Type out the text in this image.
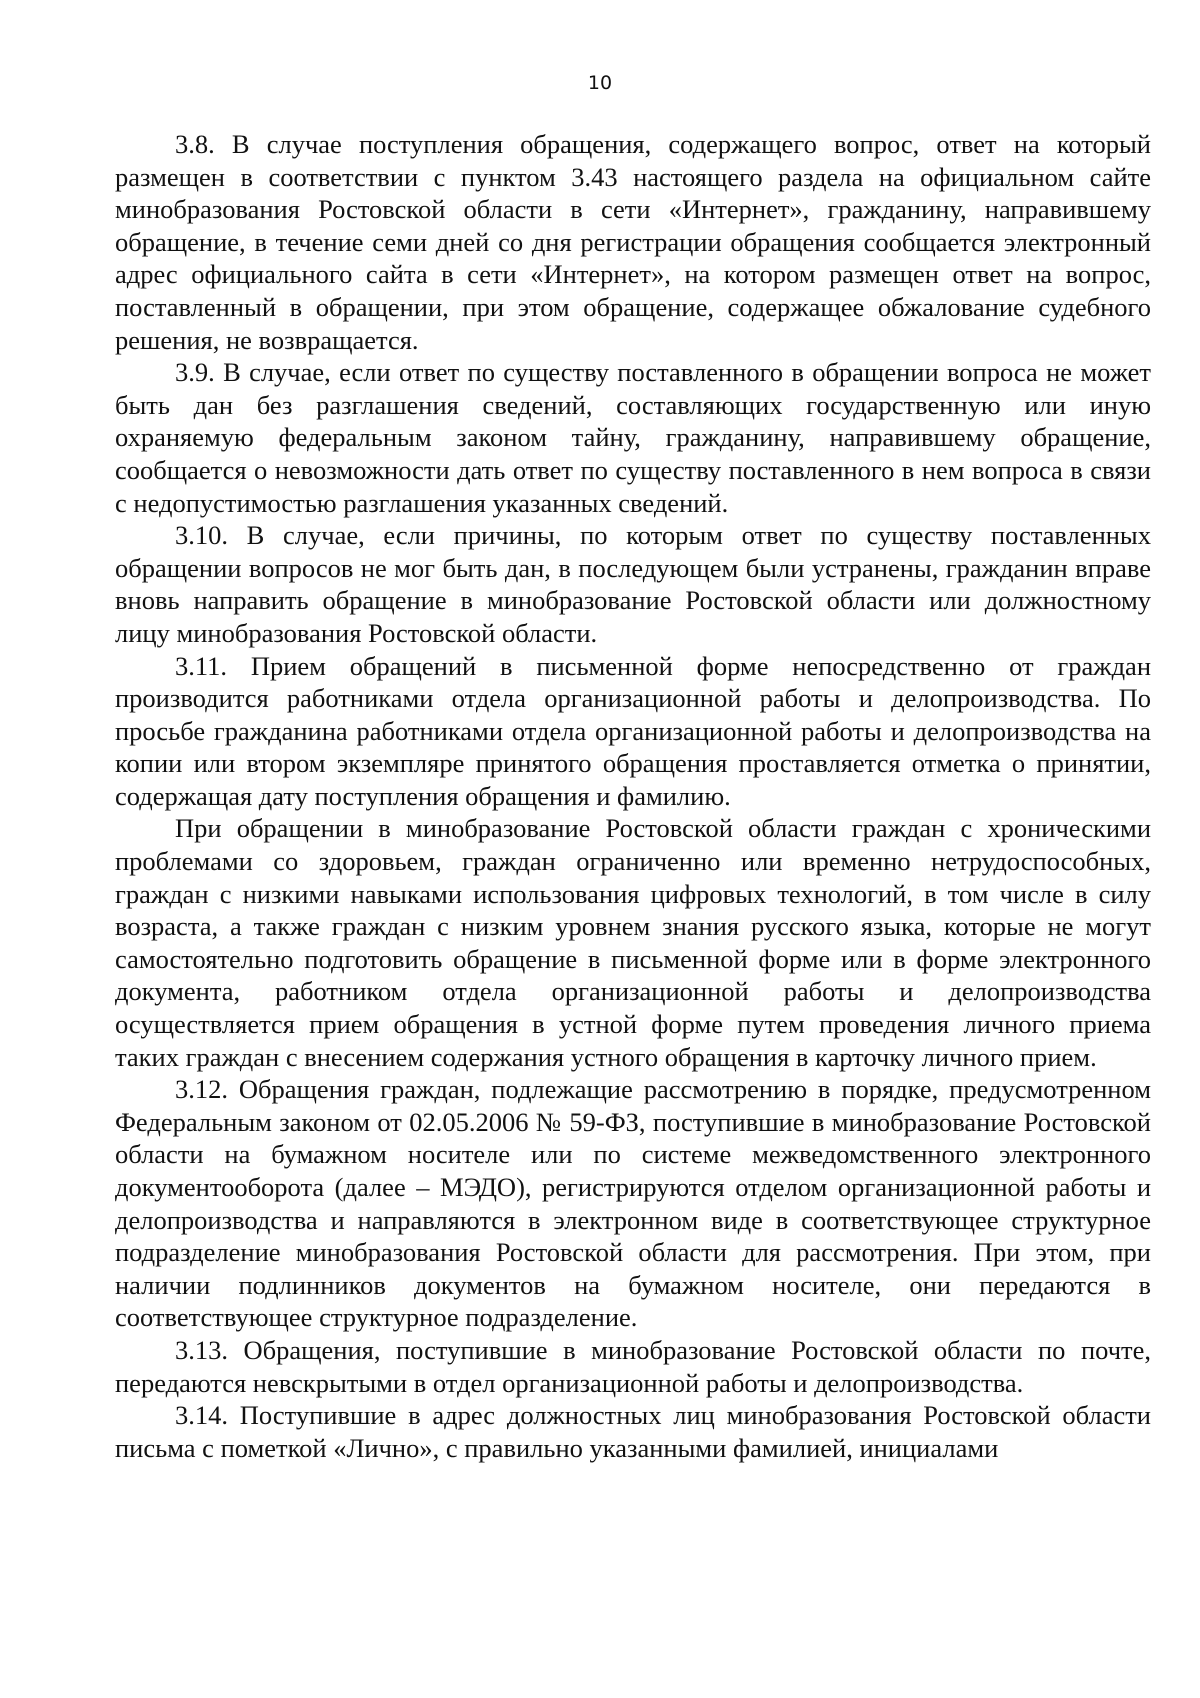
10

3.8. В случае поступления обращения, содержащего вопрос, ответ на который размещен в соответствии с пунктом 3.43 настоящего раздела на официальном сайте минобразования Ростовской области в сети «Интернет», гражданину, направившему обращение, в течение семи дней со дня регистрации обращения сообщается электронный адрес официального сайта в сети «Интернет», на котором размещен ответ на вопрос, поставленный в обращении, при этом обращение, содержащее обжалование судебного решения, не возвращается.

3.9. В случае, если ответ по существу поставленного в обращении вопроса не может быть дан без разглашения сведений, составляющих государственную или иную охраняемую федеральным законом тайну, гражданину, направившему обращение, сообщается о невозможности дать ответ по существу поставленного в нем вопроса в связи с недопустимостью разглашения указанных сведений.

3.10. В случае, если причины, по которым ответ по существу поставленных обращении вопросов не мог быть дан, в последующем были устранены, гражданин вправе вновь направить обращение в минобразование Ростовской области или должностному лицу минобразования Ростовской области.

3.11. Прием обращений в письменной форме непосредственно от граждан производится работниками отдела организационной работы и делопроизводства. По просьбе гражданина работниками отдела организационной работы и делопроизводства на копии или втором экземпляре принятого обращения проставляется отметка о принятии, содержащая дату поступления обращения и фамилию.

При обращении в минобразование Ростовской области граждан с хроническими проблемами со здоровьем, граждан ограниченно или временно нетрудоспособных, граждан с низкими навыками использования цифровых технологий, в том числе в силу возраста, а также граждан с низким уровнем знания русского языка, которые не могут самостоятельно подготовить обращение в письменной форме или в форме электронного документа, работником отдела организационной работы и делопроизводства осуществляется прием обращения в устной форме путем проведения личного приема таких граждан с внесением содержания устного обращения в карточку личного прием.

3.12. Обращения граждан, подлежащие рассмотрению в порядке, предусмотренном Федеральным законом от 02.05.2006 № 59-ФЗ, поступившие в минобразование Ростовской области на бумажном носителе или по системе межведомственного электронного документооборота (далее – МЭДО), регистрируются отделом организационной работы и делопроизводства и направляются в электронном виде в соответствующее структурное подразделение минобразования Ростовской области для рассмотрения. При этом, при наличии подлинников документов на бумажном носителе, они передаются в соответствующее структурное подразделение.

3.13. Обращения, поступившие в минобразование Ростовской области по почте, передаются невскрытыми в отдел организационной работы и делопроизводства.

3.14. Поступившие в адрес должностных лиц минобразования Ростовской области письма с пометкой «Лично», с правильно указанными фамилией, инициалами
